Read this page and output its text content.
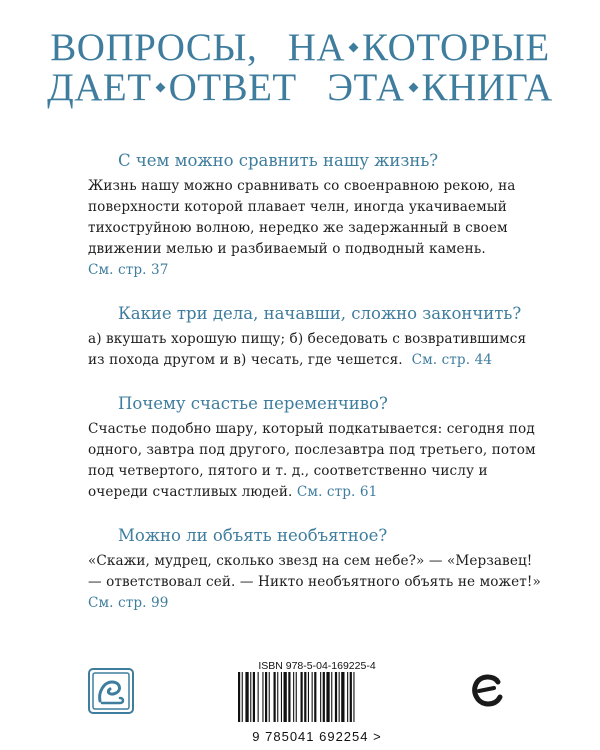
ВОПРОСЫ, НА КОТОРЫЕ
ДАЕТ ОТВЕТ ЭТА КНИГА
С чем можно сравнить нашу жизнь?
Жизнь нашу можно сравнивать со своенравною рекою, на поверхности которой плавает челн, иногда укачиваемый тихоструйною волною, нередко же задержанный в своем движении мелью и разбиваемый о подводный камень.
См. стр. 37
Какие три дела, начавши, сложно закончить?
а) вкушать хорошую пищу; б) беседовать с возвратившимся из похода другом и в) чесать, где чешется. См. стр. 44
Почему счастье переменчиво?
Счастье подобно шару, который подкатывается: сегодня под одного, завтра под другого, послезавтра под третьего, потом под четвертого, пятого и т. д., соответственно числу и очереди счастливых людей. См. стр. 61
Можно ли объять необъятное?
«Скажи, мудрец, сколько звезд на сем небе?» — «Мерзавец! — ответствовал сей. — Никто необъятного объять не может!»
См. стр. 99
ISBN 978-5-04-169225-4
9 785041 692254 >
